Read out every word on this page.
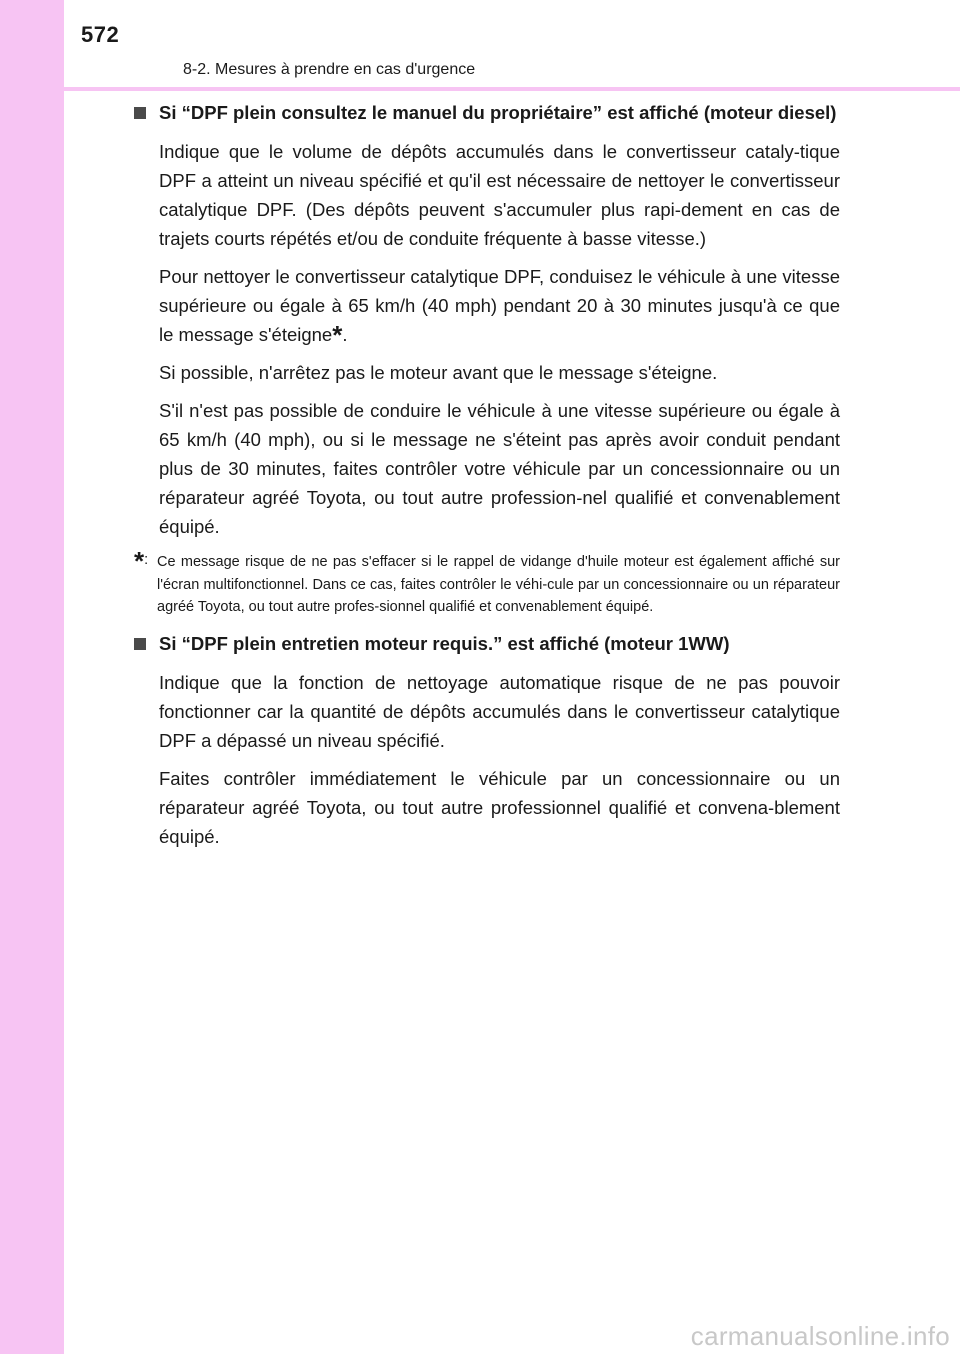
572
8-2. Mesures à prendre en cas d'urgence

Si “DPF plein consultez le manuel du propriétaire” est affiché (moteur diesel)

Indique que le volume de dépôts accumulés dans le convertisseur cataly-tique DPF a atteint un niveau spécifié et qu'il est nécessaire de nettoyer le convertisseur catalytique DPF. (Des dépôts peuvent s'accumuler plus rapi-dement en cas de trajets courts répétés et/ou de conduite fréquente à basse vitesse.)

Pour nettoyer le convertisseur catalytique DPF, conduisez le véhicule à une vitesse supérieure ou égale à 65 km/h (40 mph) pendant 20 à 30 minutes jusqu'à ce que le message s'éteigne*.

Si possible, n'arrêtez pas le moteur avant que le message s'éteigne.

S'il n'est pas possible de conduire le véhicule à une vitesse supérieure ou égale à 65 km/h (40 mph), ou si le message ne s'éteint pas après avoir conduit pendant plus de 30 minutes, faites contrôler votre véhicule par un concessionnaire ou un réparateur agréé Toyota, ou tout autre profession-nel qualifié et convenablement équipé.

*: Ce message risque de ne pas s'effacer si le rappel de vidange d'huile moteur est également affiché sur l'écran multifonctionnel. Dans ce cas, faites contrôler le véhi-cule par un concessionnaire ou un réparateur agréé Toyota, ou tout autre profes-sionnel qualifié et convenablement équipé.

Si “DPF plein entretien moteur requis.” est affiché (moteur 1WW)

Indique que la fonction de nettoyage automatique risque de ne pas pouvoir fonctionner car la quantité de dépôts accumulés dans le convertisseur catalytique DPF a dépassé un niveau spécifié.

Faites contrôler immédiatement le véhicule par un concessionnaire ou un réparateur agréé Toyota, ou tout autre professionnel qualifié et convena-blement équipé.

carmanualsonline.info
